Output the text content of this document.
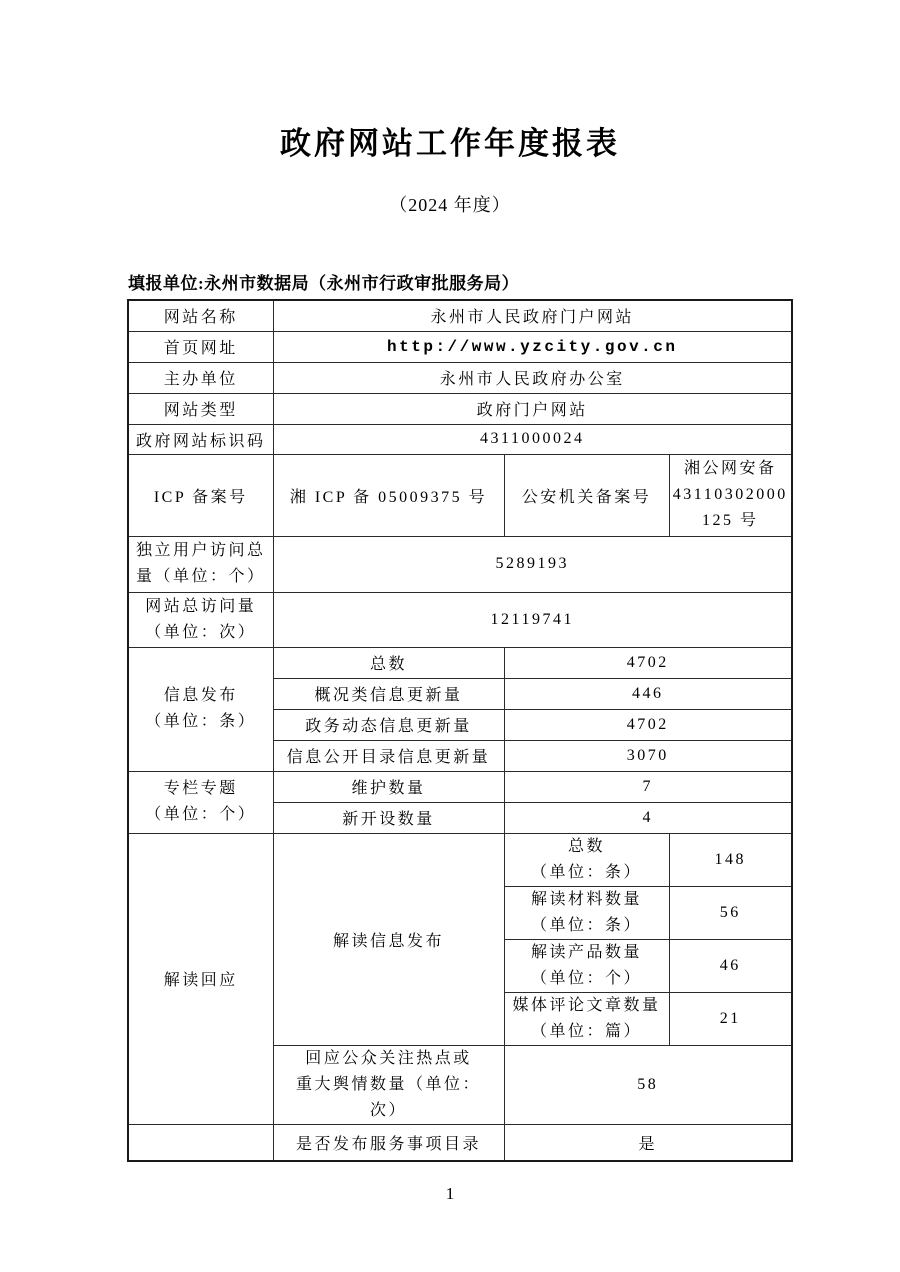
政府网站工作年度报表
（2024 年度）
填报单位:永州市数据局（永州市行政审批服务局）
网站名称	永州市人民政府门户网站		
首页网址	http://www.yzcity.gov.cn		
主办单位	永州市人民政府办公室		
网站类型	政府门户网站		
政府网站标识码	4311000024		
ICP 备案号	湘 ICP 备 05009375 号	公安机关备案号	湘公网安备
43110302000
125 号

独立用户访问总
量（单位：个）	5289193		

网站总访问量
（单位：次）	12119741		

信息发布
（单位：条）	总数	4702	
	概况类信息更新量	446	
	政务动态信息更新量	4702	
	信息公开目录信息更新量	3070	

专栏专题
（单位：个）	维护数量	7	
	新开设数量	4	
解读回应	解读信息发布	总数
（单位：条）	148

		解读材料数量
（单位：条）	56

		解读产品数量
（单位：个）	46

		媒体评论文章数量
（单位：篇）	21

	回应公众关注热点或
重大舆情数量（单位：
次）	58	
	是否发布服务事项目录	是	
1
